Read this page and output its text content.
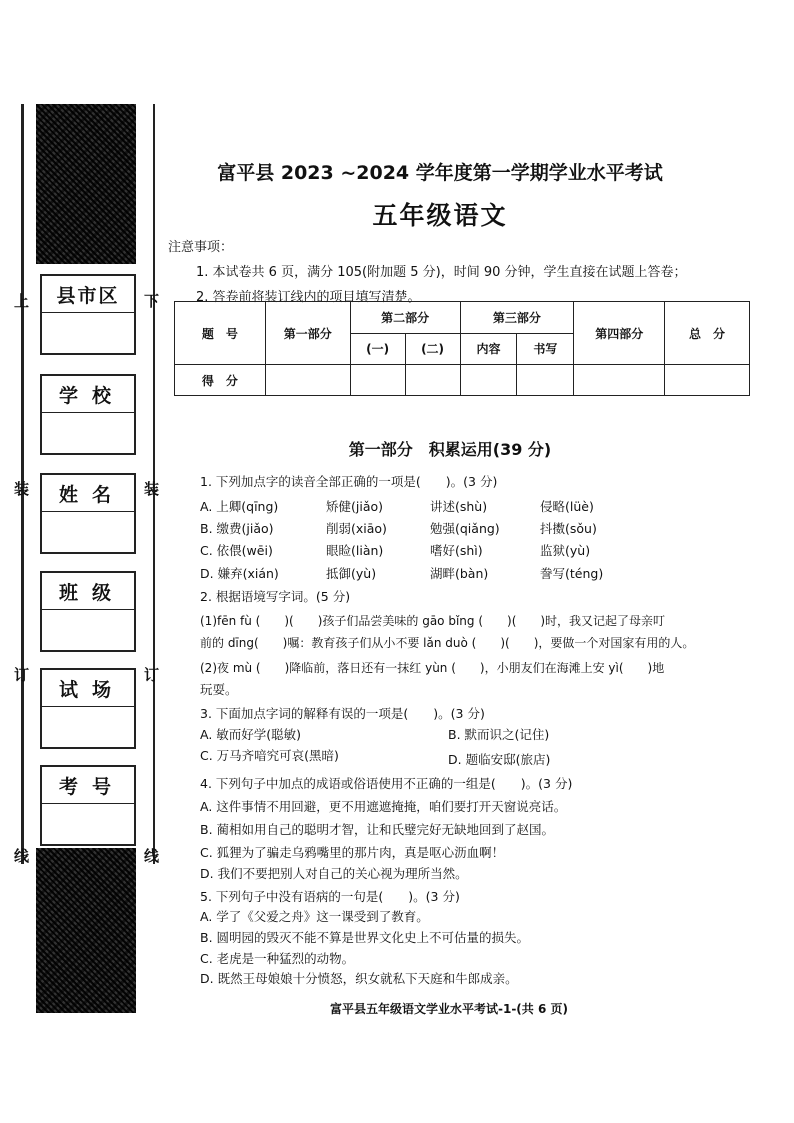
上	下
装	装
订	订
线	线
县市区
学校
姓名
班级
试场
考号
富平县 2023 ~2024 学年度第一学期学业水平考试
五年级语文
注意事项：
1. 本试卷共 6 页，满分 105(附加题 5 分)，时间 90 分钟，学生直接在试题上答卷；
2. 答卷前将装订线内的项目填写清楚。
题　号	第一部分	第二部分		第三部分		第四部分	总　分
		(一)	(二)	内容	书写		
得　分							
第一部分　积累运用(39 分)
1. 下列加点字的读音全部正确的一项是(　　)。(3 分)
A. 上卿(qīng)	矫健(jiǎo)	讲述(shù)	侵略(lüè)
B. 缴费(jiǎo)	削弱(xiāo)	勉强(qiǎng)	抖擞(sǒu)
C. 依偎(wēi)	眼睑(liàn)	嗜好(shì)	监狱(yù)
D. 嫌弃(xián)	抵御(yù)	湖畔(bàn)	誊写(téng)
2. 根据语境写字词。(5 分)
(1)fēn fù (　　)(　　)孩子们品尝美味的 gāo bǐng (　　)(　　)时，我又记起了母亲叮
前的 dīng(　　)嘱：教育孩子们从小不要 lǎn duò (　　)(　　)，要做一个对国家有用的人。
(2)夜 mù (　　)降临前，落日还有一抹红 yùn (　　)，小朋友们在海滩上安 yì(　　)地
玩耍。
3. 下面加点字词的解释有误的一项是(　　)。(3 分)
A. 敏而好学(聪敏)	B. 默而识之(记住)
C. 万马齐喑究可哀(黑暗)	D. 题临安邸(旅店)
4. 下列句子中加点的成语或俗语使用不正确的一组是(　　)。(3 分)
A. 这件事情不用回避，更不用遮遮掩掩，咱们要打开天窗说亮话。
B. 蔺相如用自己的聪明才智，让和氏璧完好无缺地回到了赵国。
C. 狐狸为了骗走乌鸦嘴里的那片肉，真是呕心沥血啊！
D. 我们不要把别人对自己的关心视为理所当然。
5. 下列句子中没有语病的一句是(　　)。(3 分)
A. 学了《父爱之舟》这一课受到了教育。
B. 圆明园的毁灭不能不算是世界文化史上不可估量的损失。
C. 老虎是一种猛烈的动物。
D. 既然王母娘娘十分愤怒，织女就私下天庭和牛郎成亲。
富平县五年级语文学业水平考试-1-(共 6 页)
